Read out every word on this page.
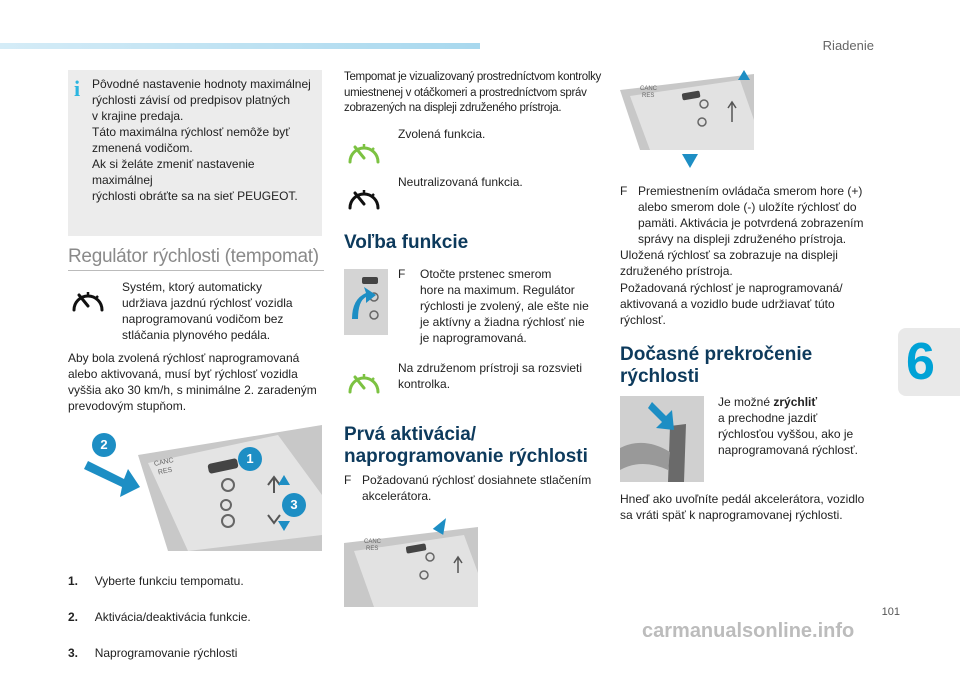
Riadenie
101
6
i Pôvodné nastavenie hodnoty maximálnej
rýchlosti závisí od predpisov platných
v krajine predaja.
Táto maximálna rýchlosť nemôže byť
zmenená vodičom.
Ak si želáte zmeniť nastavenie maximálnej
rýchlosti obráťte sa na sieť PEUGEOT.
Regulátor rýchlosti (tempomat)
Systém, ktorý automaticky
udržiava jazdnú rýchlosť vozidla
naprogramovanú vodičom bez
stláčania plynového pedála.
Aby bola zvolená rýchlosť naprogramovaná
alebo aktivovaná, musí byť rýchlosť vozidla
vyššia ako 30 km/h, s minimálne 2. zaradeným
prevodovým stupňom.
CANC
RES
2
1
3

1. Vyberte funkciu tempomatu.

2. Aktivácia/deaktivácia funkcie.

3. Naprogramovanie rýchlosti

Tempomat je vizualizovaný prostredníctvom kontrolky
umiestnenej v otáčkomeri a prostredníctvom správ
zobrazených na displeji združeného prístroja.
Zvolená funkcia.
Neutralizovaná funkcia.
Voľba funkcie
F	Otočte prstenec smerom
hore na maximum. Regulátor
rýchlosti je zvolený, ale ešte nie
je aktívny a žiadna rýchlosť nie
je naprogramovaná.
Na združenom prístroji sa rozsvieti
kontrolka.
Prvá aktivácia/
naprogramovanie rýchlosti
F Požadovanú rýchlosť dosiahnete stlačením
akcelerátora.
CANC
RES
CANC
RES
F Premiestnením ovládača smerom hore (+)
alebo smerom dole (-) uložíte rýchlosť do
pamäti. Aktivácia je potvrdená zobrazením
správy na displeji združeného prístroja.
Uložená rýchlosť sa zobrazuje na displeji
združeného prístroja.
Požadovaná rýchlosť je naprogramovaná/
aktivovaná a vozidlo bude udržiavať túto
rýchlosť.
Dočasné prekročenie
rýchlosti
Je možné zrýchliť
a prechodne jazdiť
rýchlosťou vyššou, ako je
naprogramovaná rýchlosť.
Hneď ako uvoľníte pedál akcelerátora, vozidlo
sa vráti späť k naprogramovanej rýchlosti.
carmanualsonline.info
